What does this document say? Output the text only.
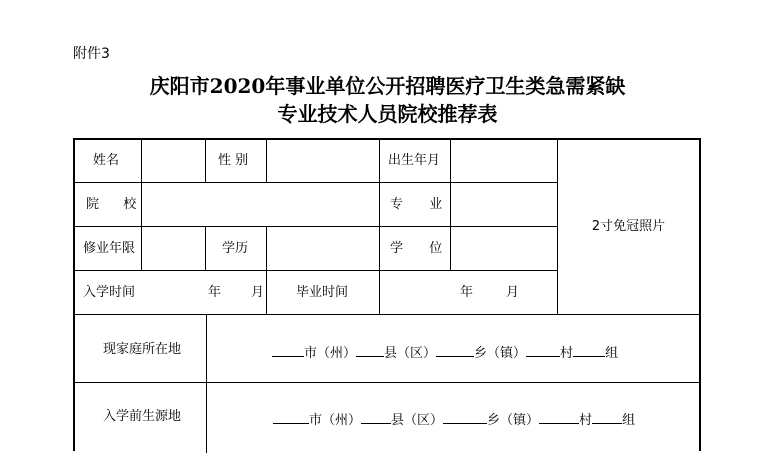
附件3
庆阳市2020年事业单位公开招聘医疗卫生类急需紧缺
专业技术人员院校推荐表
姓名	性 别	出生年月
院 校	专 业
修业年限	学历	学 位
2寸免冠照片
入学时间	年 月 毕业时间	年	月
现家庭所在地	市（州） 县（区）	乡（镇）	村 组
入学前生源地	市（州） 县（区）	乡（镇）	村 组
